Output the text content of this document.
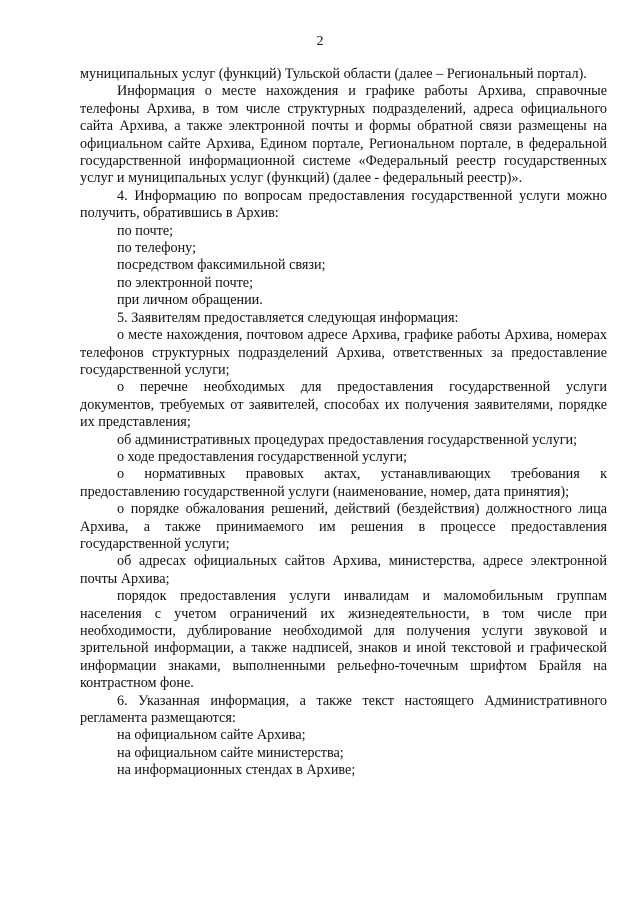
2

муниципальных услуг (функций) Тульской области (далее – Региональный портал).

Информация о месте нахождения и графике работы Архива, справочные телефоны Архива, в том числе структурных подразделений, адреса официального сайта Архива, а также электронной почты и формы обратной связи размещены на официальном сайте Архива, Едином портале, Региональном портале, в федеральной государственной информационной системе «Федеральный реестр государственных услуг и муниципальных услуг (функций) (далее - федеральный реестр)».

4. Информацию по вопросам предоставления государственной услуги можно получить, обратившись в Архив:

по почте;

по телефону;

посредством факсимильной связи;

по электронной почте;

при личном обращении.

5. Заявителям предоставляется следующая информация:

о месте нахождения, почтовом адресе Архива, графике работы Архива, номерах телефонов структурных подразделений Архива, ответственных за предоставление государственной услуги;

о перечне необходимых для предоставления государственной услуги документов, требуемых от заявителей, способах их получения заявителями, порядке их представления;

об административных процедурах предоставления государственной услуги;

о ходе предоставления государственной услуги;

о нормативных правовых актах, устанавливающих требования к предоставлению государственной услуги (наименование, номер, дата принятия);

о порядке обжалования решений, действий (бездействия) должностного лица Архива, а также принимаемого им решения в процессе предоставления государственной услуги;

об адресах официальных сайтов Архива, министерства, адресе электронной почты Архива;

порядок предоставления услуги инвалидам и маломобильным группам населения с учетом ограничений их жизнедеятельности, в том числе при необходимости, дублирование необходимой для получения услуги звуковой и зрительной информации, а также надписей, знаков и иной текстовой и графической информации знаками, выполненными рельефно-точечным шрифтом Брайля на контрастном фоне.

6. Указанная информация, а также текст настоящего Административного регламента размещаются:

на официальном сайте Архива;

на официальном сайте министерства;

на информационных стендах в Архиве;
